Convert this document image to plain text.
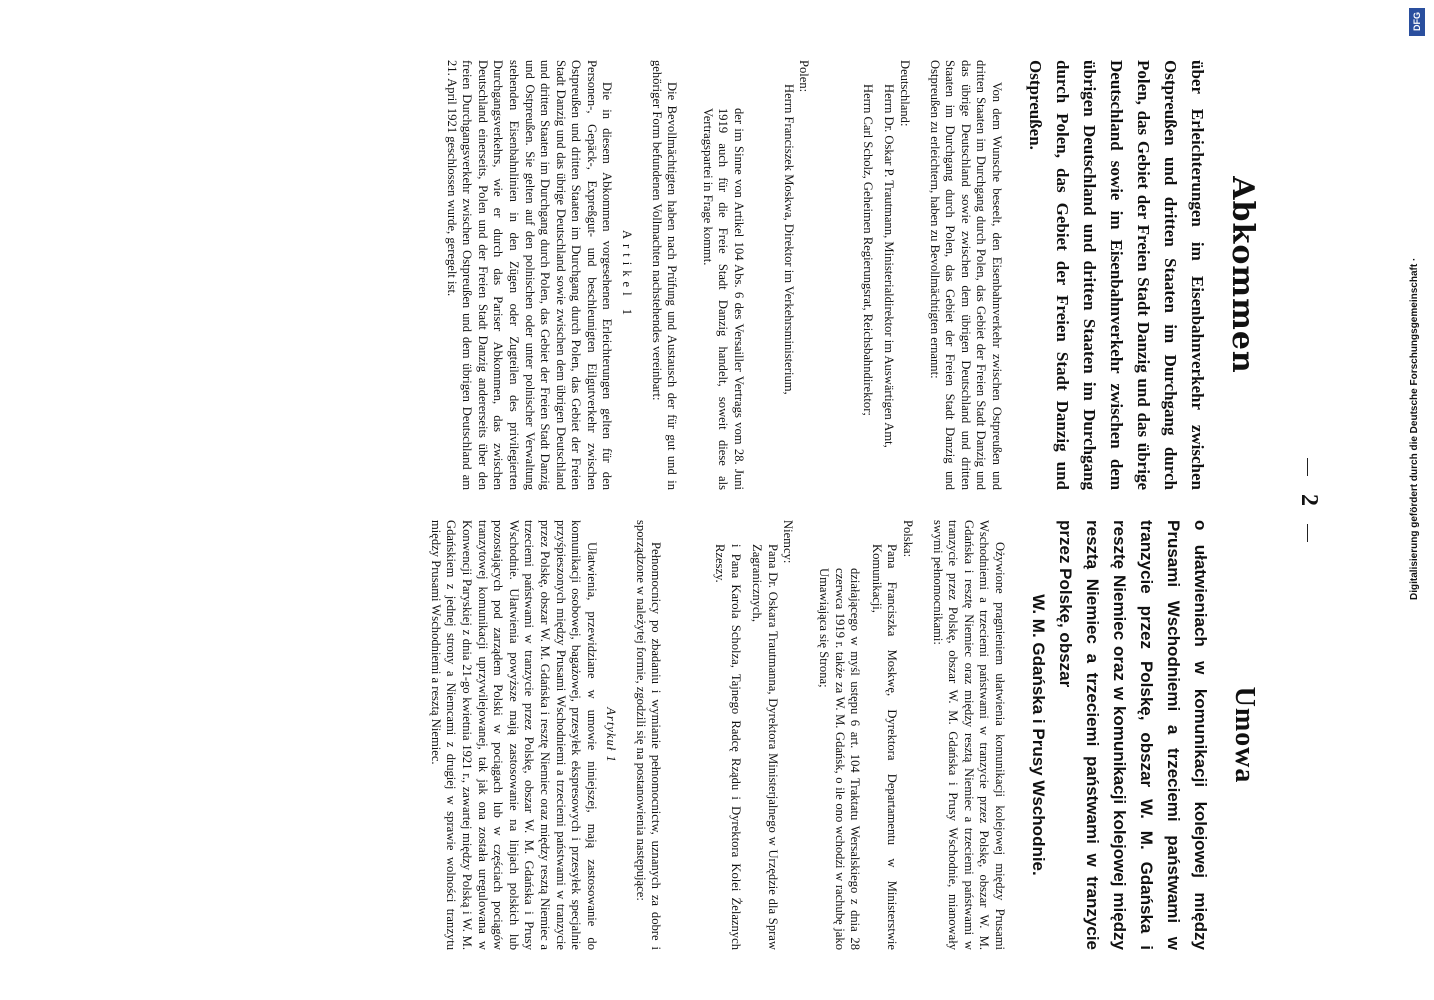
2
Abkommen
über Erleichterungen im Eisenbahnverkehr zwischen Ostpreußen und dritten Staaten im Durchgang durch Polen, das Gebiet der Freien Stadt Danzig und das übrige Deutschland sowie im Eisenbahnverkehr zwischen dem übrigen Deutschland und dritten Staaten im Durchgang durch Polen, das Gebiet der Freien Stadt Danzig und Ostpreußen.

Von dem Wunsche beseelt, den Eisenbahnverkehr zwischen Ostpreußen und dritten Staaten im Durchgang durch Polen, das Gebiet der Freien Stadt Danzig und das übrige Deutschland sowie zwischen dem übrigen Deutschland und dritten Staaten im Durchgang durch Polen, das Gebiet der Freien Stadt Danzig und Ostpreußen zu erleichtern, haben zu Bevollmächtigten ernannt:

Deutschland:

Herrn Dr. Oskar P. Trautmann, Ministerialdirektor im Auswärtigen Amt,

Herrn Carl Scholz, Geheimen Regierungsrat, Reichsbahndirektor;

Polen:

Herrn Franciszek Moskwa, Direktor im Verkehrsministerium,

der im Sinne von Artikel 104 Abs. 6 des Versailler Vertrags vom 28. Juni 1919 auch für die Freie Stadt Danzig handelt, soweit diese als Vertragspartei in Frage kommt.

Die Bevollmächtigten haben nach Prüfung und Austausch der für gut und in gehöriger Form befundenen Vollmachten nachstehendes vereinbart:

Artikel 1

Die in diesem Abkommen vorgesehenen Erleichterungen gelten für den Personen-, Gepäck-, Expreßgut- und beschleunigten Eilgutverkehr zwischen Ostpreußen und dritten Staaten im Durchgang durch Polen, das Gebiet der Freien Stadt Danzig und das übrige Deutschland sowie zwischen dem übrigen Deutschland und dritten Staaten im Durchgang durch Polen, das Gebiet der Freien Stadt Danzig und Ostpreußen. Sie gelten auf den polnischen oder unter polnischer Verwaltung stehenden Eisenbahnlinien in den Zügen oder Zugteilen des privilegierten Durchgangsverkehrs, wie er durch das Pariser Abkommen, das zwischen Deutschland einerseits, Polen und der Freien Stadt Danzig andererseits über den freien Durchgangsverkehr zwischen Ostpreußen und dem übrigen Deutschland am 21. April 1921 geschlossen wurde, geregelt ist.

Umowa
o ułatwieniach w komunikacji kolejowej między Prusami Wschodniemi a trzeciemi państwami w tranzycie przez Polskę, obszar W. M. Gdańska i resztę Niemiec oraz w komunikacji kolejowej między resztą Niemiec a trzeciemi państwami w tranzycie przez Polskę, obszar
W. M. Gdańska i Prusy Wschodnie.

Ożywione pragnieniem ułatwienia komunikacji kolejowej między Prusami Wschodniemi a trzeciemi państwami w tranzycie przez Polskę, obszar W. M. Gdańska i resztę Niemiec oraz między resztą Niemiec a trzeciemi państwami w tranzycie przez Polskę, obszar W. M. Gdańska i Prusy Wschodnie, mianowały swymi pełnomocnikami:

Polska:

Pana Franciszka Moskwę, Dyrektora Departamentu w Ministerstwie Komunikacji,

działającego w myśl ustępu 6 art. 104 Traktatu Wersalskiego z dnia 28 czerwca 1919 r. także za W. M. Gdańsk, o ile ono wchodzi w rachubę jako Umawiająca się Strona;

Niemcy:

Pana Dr. Oskara Trautmanna, Dyrektora Ministerjalnego w Urzędzie dla Spraw Zagranicznych,

i Pana Karola Scholza, Tajnego Radcę Rządu i Dyrektora Kolei Żelaznych Rzeszy.

Pełnomocnicy po zbadaniu i wymianie pełnomocnictw, uznanych za dobre i sporządzone w należytej formie, zgodzili się na postanowienia następujące:

Artykuł 1

Ułatwienia, przewidziane w umowie niniejszej, mają zastosowanie do komunikacji osobowej, bagażowej, przesyłek ekspresowych i przesyłek specjalnie przyśpieszonych między Prusami Wschodniemi a trzeciemi państwami w tranzycie przez Polskę, obszar W. M. Gdańska i resztę Niemiec oraz między resztą Niemiec a trzeciemi państwami w tranzycie przez Polskę, obszar W. M. Gdańska i Prusy Wschodnie. Ułatwienia powyższe mają zastosowanie na linjach polskich lub pozostających pod zarządem Polski w pociągach lub w częściach pociągów tranzytowej komunikacji uprzywilejowanej, tak jak ona została uregulowana w Konwencji Paryskiej z dnia 21-go kwietnia 1921 r., zawartej między Polską i W. M. Gdańskiem z jednej strony a Niemcami z drugiej w sprawie wolności tranzytu między Prusami Wschodniemi a resztą Niemiec.

DFG
Digitalisierung gefördert durch die Deutsche Forschungsgemeinschaft ·
